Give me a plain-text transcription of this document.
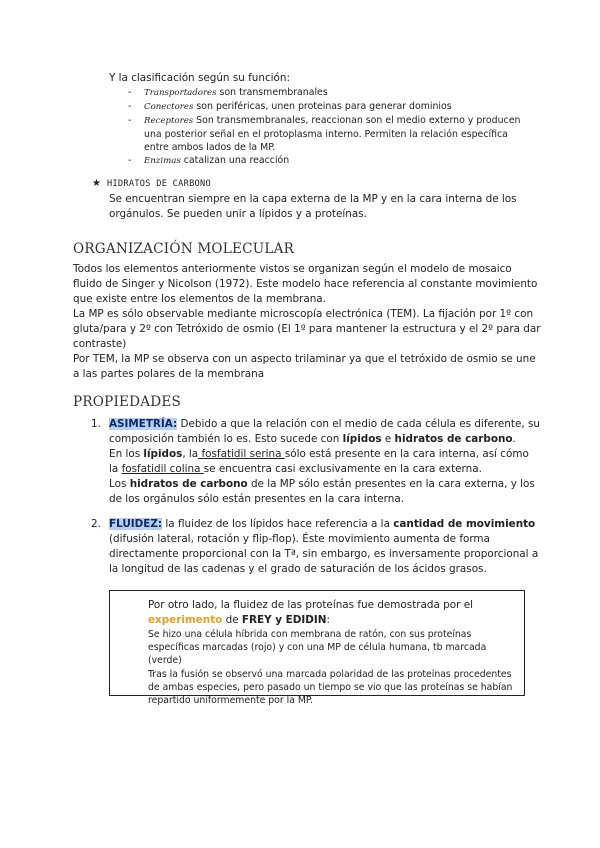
Y la clasificación según su función:
- Transportadores son transmembranales
- Conectores son periféricas, unen proteinas para generar dominios
- Receptores Son transmembranales, reaccionan son el medio externo y producen una posterior señal en el protoplasma interno. Permiten la relación específica entre ambos lados de la MP.
- Enzimas catalizan una reacción
★ HIDRATOS DE CARBONO
Se encuentran siempre en la capa externa de la MP y en la cara interna de los orgánulos. Se pueden unir a lípidos y a proteínas.
ORGANIZACIÓN MOLECULAR
Todos los elementos anteriormente vistos se organizan según el modelo de mosaico fluido de Singer y Nicolson (1972). Este modelo hace referencia al constante movimiento que existe entre los elementos de la membrana.
La MP es sólo observable mediante microscopía electrónica (TEM). La fijación por 1º con gluta/para y 2º con Tetróxido de osmio (El 1º para mantener la estructura y el 2º para dar contraste)
Por TEM, la MP se observa con un aspecto trilaminar ya que el tetróxido de osmio se une a las partes polares de la membrana
PROPIEDADES
1. ASIMETRÍA: Debido a que la relación con el medio de cada célula es diferente, su composición también lo es. Esto sucede con lípidos e hidratos de carbono.
En los lípidos, la fosfatidil serina sólo está presente en la cara interna, así cómo la fosfatidil colina se encuentra casi exclusivamente en la cara externa.
Los hidratos de carbono de la MP sólo están presentes en la cara externa, y los de los orgánulos sólo están presentes en la cara interna.
2. FLUIDEZ: la fluidez de los lípidos hace referencia a la cantidad de movimiento (difusión lateral, rotación y flip-flop). Éste movimiento aumenta de forma directamente proporcional con la Tª, sin embargo, es inversamente proporcional a la longitud de las cadenas y el grado de saturación de los ácidos grasos.
Por otro lado, la fluidez de las proteínas fue demostrada por el
experimento de FREY y EDIDIN:
Se hizo una célula híbrida con membrana de ratón, con sus proteínas específicas marcadas (rojo) y con una MP de célula humana, tb marcada (verde)
Tras la fusión se observó una marcada polaridad de las proteínas procedentes de ambas especies, pero pasado un tiempo se vio que las proteínas se habían repartido uniformemente por la MP.
